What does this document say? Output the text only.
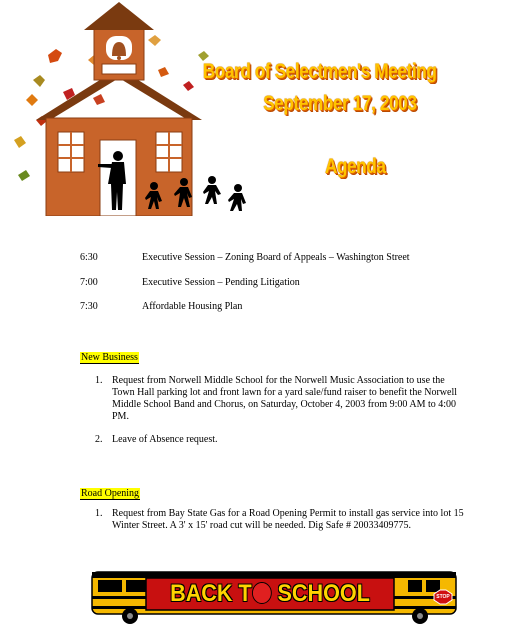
Board of Selectmen's Meeting
September 17, 2003
Agenda
6:30	Executive Session – Zoning Board of Appeals – Washington Street
7:00	Executive Session – Pending Litigation
7:30	Affordable Housing Plan
New Business
1. Request from Norwell Middle School for the Norwell Music Association to use the Town Hall parking lot and front lawn for a yard sale/fund raiser to benefit the Norwell Middle School Band and Chorus, on Saturday, October 4, 2003 from 9:00 AM to 4:00 PM.
2. Leave of Absence request.
Road Opening
1. Request from Bay State Gas for a Road Opening Permit to install gas service into lot 15 Winter Street. A 3' x 15' road cut will be needed. Dig Safe # 20033409775.
BACK T SCHOOL	STOP
